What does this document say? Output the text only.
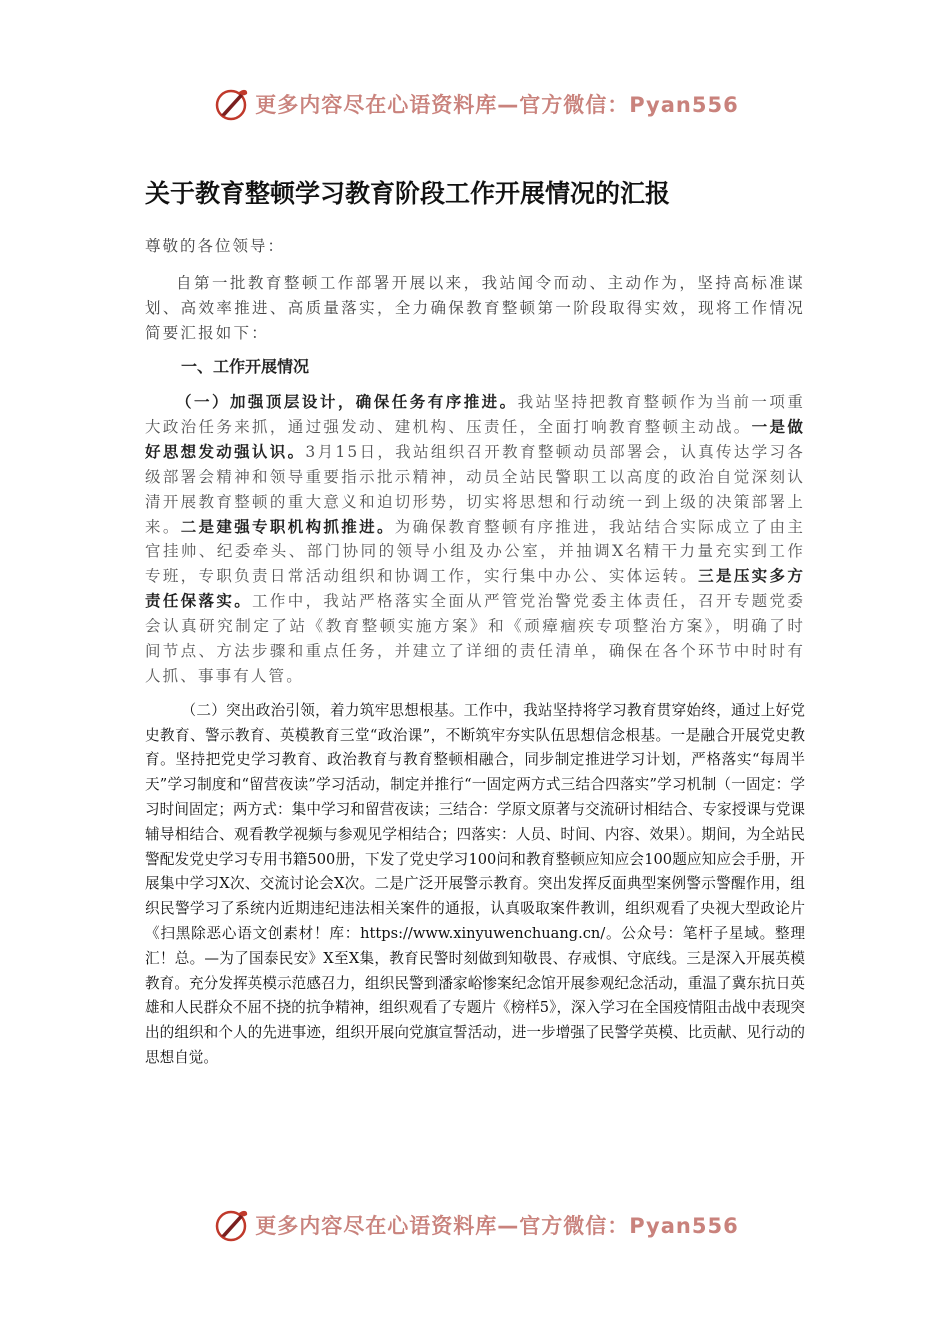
更多内容尽在心语资料库—官方微信：Pyan556
关于教育整顿学习教育阶段工作开展情况的汇报

尊敬的各位领导：

自第一批教育整顿工作部署开展以来，我站闻令而动、主动作为，坚持高标准谋划、高效率推进、高质量落实，全力确保教育整顿第一阶段取得实效，现将工作情况简要汇报如下：

一、工作开展情况

（一）加强顶层设计，确保任务有序推进。我站坚持把教育整顿作为当前一项重大政治任务来抓，通过强发动、建机构、压责任，全面打响教育整顿主动战。一是做好思想发动强认识。3月15日，我站组织召开教育整顿动员部署会，认真传达学习各级部署会精神和领导重要指示批示精神，动员全站民警职工以高度的政治自觉深刻认清开展教育整顿的重大意义和迫切形势，切实将思想和行动统一到上级的决策部署上来。二是建强专职机构抓推进。为确保教育整顿有序推进，我站结合实际成立了由主官挂帅、纪委牵头、部门协同的领导小组及办公室，并抽调X名精干力量充实到工作专班，专职负责日常活动组织和协调工作，实行集中办公、实体运转。三是压实多方责任保落实。工作中，我站严格落实全面从严管党治警党委主体责任，召开专题党委会认真研究制定了站《教育整顿实施方案》和《顽瘴痼疾专项整治方案》，明确了时间节点、方法步骤和重点任务，并建立了详细的责任清单，确保在各个环节中时时有人抓、事事有人管。

（二）突出政治引领，着力筑牢思想根基。工作中，我站坚持将学习教育贯穿始终，通过上好党史教育、警示教育、英模教育三堂“政治课”，不断筑牢夯实队伍思想信念根基。一是融合开展党史教育。坚持把党史学习教育、政治教育与教育整顿相融合，同步制定推进学习计划，严格落实“每周半天”学习制度和“留营夜读”学习活动，制定并推行“一固定两方式三结合四落实”学习机制（一固定：学习时间固定；两方式：集中学习和留营夜读；三结合：学原文原著与交流研讨相结合、专家授课与党课辅导相结合、观看教学视频与参观见学相结合；四落实：人员、时间、内容、效果）。期间，为全站民警配发党史学习专用书籍500册，下发了党史学习100问和教育整顿应知应会100题应知应会手册，开展集中学习X次、交流讨论会X次。二是广泛开展警示教育。突出发挥反面典型案例警示警醒作用，组织民警学习了系统内近期违纪违法相关案件的通报，认真吸取案件教训，组织观看了央视大型政论片《扫黑除恶心语文创素材！库：https://www.xinyuwenchuang.cn/。公众号：笔杆子星域。整理汇！总。—为了国泰民安》X至X集，教育民警时刻做到知敬畏、存戒惧、守底线。三是深入开展英模教育。充分发挥英模示范感召力，组织民警到潘家峪惨案纪念馆开展参观纪念活动，重温了冀东抗日英雄和人民群众不屈不挠的抗争精神，组织观看了专题片《榜样5》，深入学习在全国疫情阻击战中表现突出的组织和个人的先进事迹，组织开展向党旗宣誓活动，进一步增强了民警学英模、比贡献、见行动的思想自觉。

更多内容尽在心语资料库—官方微信：Pyan556
